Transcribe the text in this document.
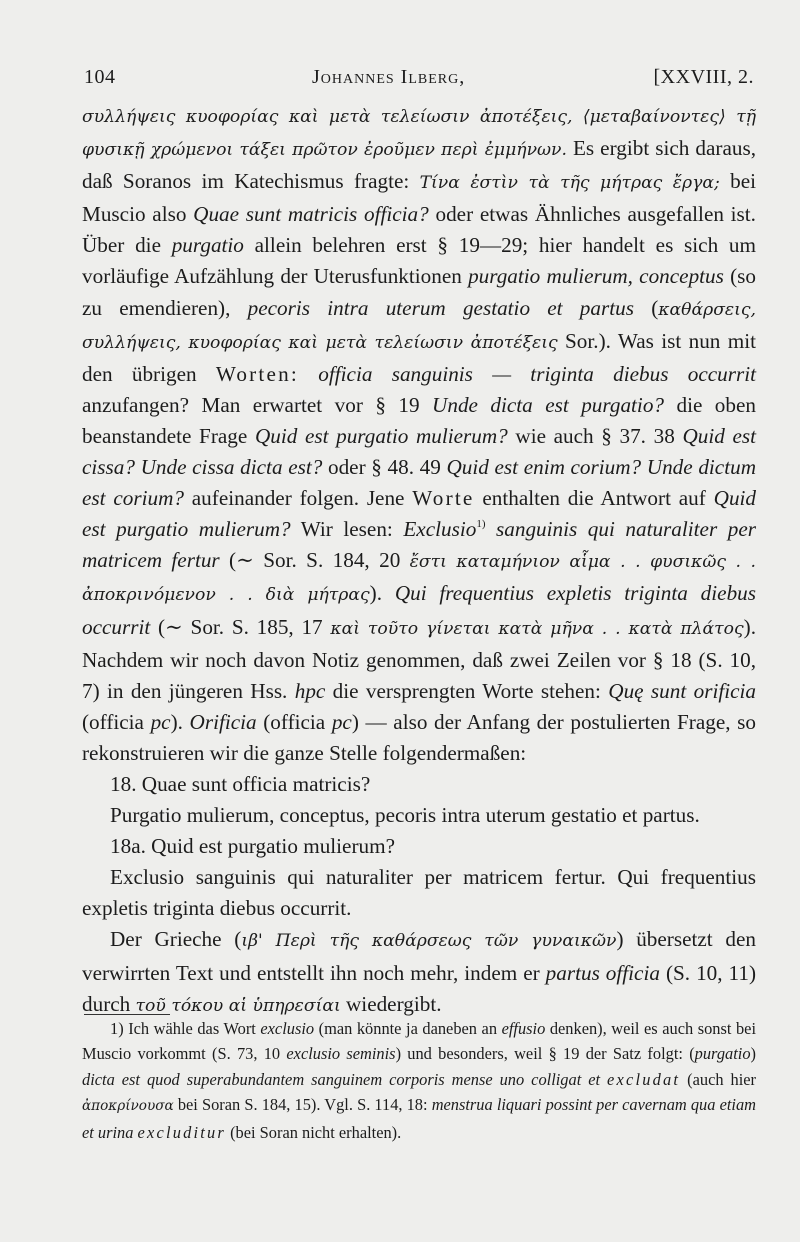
104	Johannes Ilberg,	[XXVIII, 2.

συλλήψεις κυοφορίας καὶ μετὰ τελείωσιν ἀποτέξεις, ⟨μεταβαίνοντες⟩ τῇ φυσικῇ χρώμενοι τάξει πρῶτον ἐροῦμεν περὶ ἐμμήνων. Es ergibt sich daraus, daß Soranos im Katechismus fragte: Τίνα ἐστὶν τὰ τῆς μήτρας ἔργα; bei Muscio also Quae sunt matricis officia? oder etwas Ähnliches ausgefallen ist. Über die purgatio allein belehren erst § 19—29; hier handelt es sich um vorläufige Aufzählung der Uterusfunktionen purgatio mulierum, conceptus (so zu emendieren), pecoris intra uterum gestatio et partus (καθάρσεις, συλλήψεις, κυοφορίας καὶ μετὰ τελείωσιν ἀποτέξεις Sor.). Was ist nun mit den übrigen Worten: officia sanguinis — triginta diebus occurrit anzufangen? Man erwartet vor § 19 Unde dicta est purgatio? die oben beanstandete Frage Quid est purgatio mulierum? wie auch § 37. 38 Quid est cissa? Unde cissa dicta est? oder § 48. 49 Quid est enim corium? Unde dictum est corium? aufeinander folgen. Jene Worte enthalten die Antwort auf Quid est purgatio mulierum? Wir lesen: Exclusio$^{1)}$ sanguinis qui naturaliter per matricem fertur (∼ Sor. S. 184, 20 ἔστι καταμήνιον αἷμα . . φυσικῶς . . ἀποκρινόμενον . . διὰ μήτρας). Qui frequentius expletis triginta diebus occurrit (∼ Sor. S. 185, 17 καὶ τοῦτο γίνεται κατὰ μῆνα . . κατὰ πλάτος). Nachdem wir noch davon Notiz genommen, daß zwei Zeilen vor § 18 (S. 10, 7) in den jüngeren Hss. hpc die versprengten Worte stehen: Quę sunt orificia (officia pc). Orificia (officia pc) — also der Anfang der postulierten Frage, so rekonstruieren wir die ganze Stelle folgendermaßen:

18. Quae sunt officia matricis?

Purgatio mulierum, conceptus, pecoris intra uterum gestatio et partus.

18a. Quid est purgatio mulierum?

Exclusio sanguinis qui naturaliter per matricem fertur. Qui frequentius expletis triginta diebus occurrit.

Der Grieche (ιβ' Περὶ τῆς καθάρσεως τῶν γυναικῶν) übersetzt den verwirrten Text und entstellt ihn noch mehr, indem er partus officia (S. 10, 11) durch τοῦ τόκου αἱ ὑπηρεσίαι wiedergibt.

1) Ich wähle das Wort exclusio (man könnte ja daneben an effusio denken), weil es auch sonst bei Muscio vorkommt (S. 73, 10 exclusio seminis) und besonders, weil § 19 der Satz folgt: (purgatio) dicta est quod superabundantem sanguinem corporis mense uno colligat et excludat (auch hier ἀποκρίνουσα bei Soran S. 184, 15). Vgl. S. 114, 18: menstrua liquari possint per cavernam qua etiam et urina excluditur (bei Soran nicht erhalten).
